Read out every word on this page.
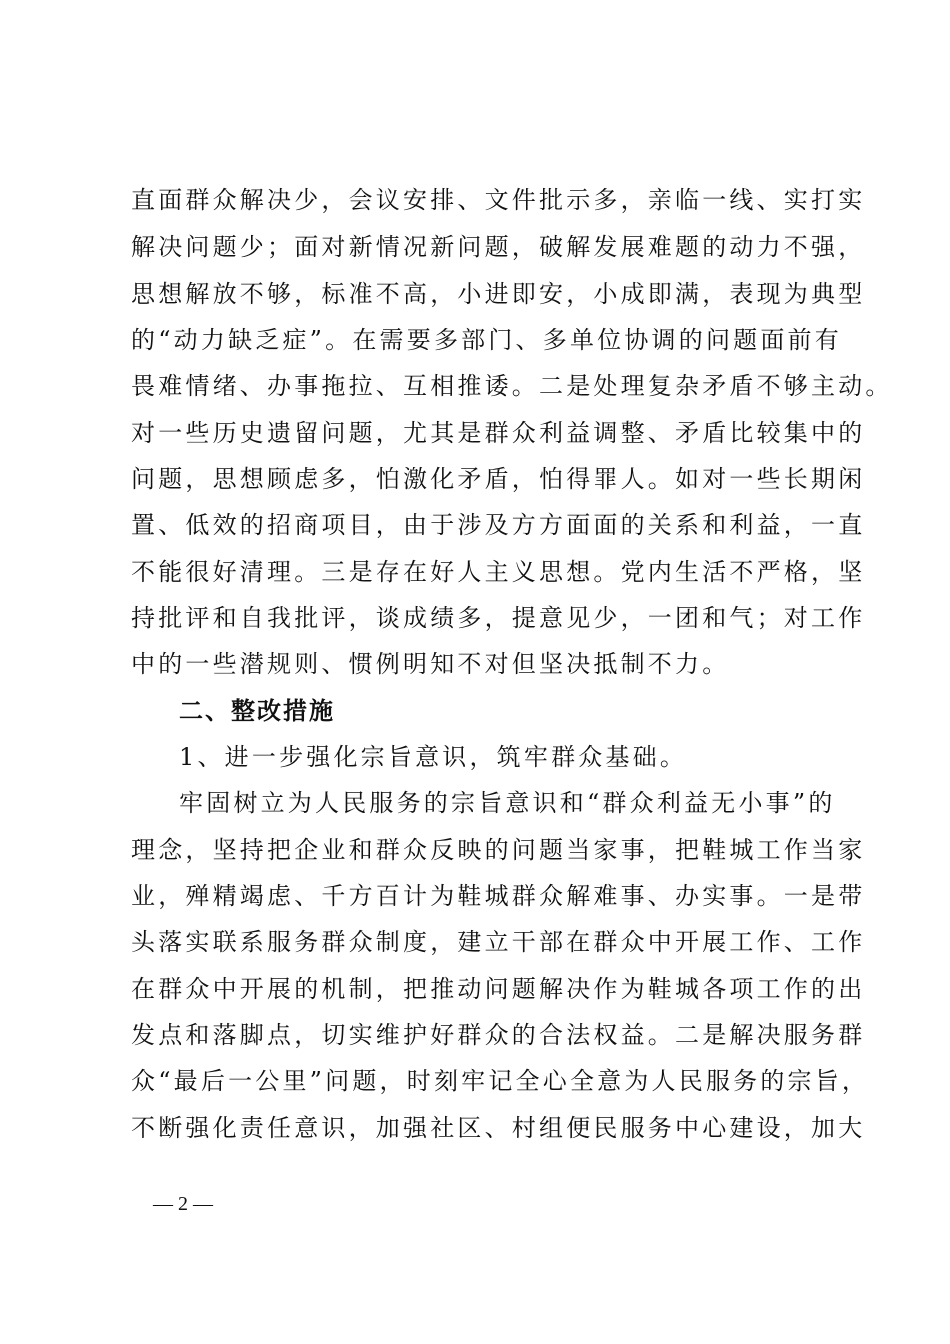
直面群众解决少，会议安排、文件批示多，亲临一线、实打实
解决问题少；面对新情况新问题，破解发展难题的动力不强，
思想解放不够，标准不高，小进即安，小成即满，表现为典型
的“动力缺乏症”。在需要多部门、多单位协调的问题面前有
畏难情绪、办事拖拉、互相推诿。二是处理复杂矛盾不够主动。
对一些历史遗留问题，尤其是群众利益调整、矛盾比较集中的
问题，思想顾虑多，怕激化矛盾，怕得罪人。如对一些长期闲
置、低效的招商项目，由于涉及方方面面的关系和利益，一直
不能很好清理。三是存在好人主义思想。党内生活不严格，坚
持批评和自我批评，谈成绩多，提意见少，一团和气；对工作
中的一些潜规则、惯例明知不对但坚决抵制不力。
二、整改措施
1、进一步强化宗旨意识，筑牢群众基础。
牢固树立为人民服务的宗旨意识和“群众利益无小事”的
理念，坚持把企业和群众反映的问题当家事，把鞋城工作当家
业，殚精竭虑、千方百计为鞋城群众解难事、办实事。一是带
头落实联系服务群众制度，建立干部在群众中开展工作、工作
在群众中开展的机制，把推动问题解决作为鞋城各项工作的出
发点和落脚点，切实维护好群众的合法权益。二是解决服务群
众“最后一公里”问题，时刻牢记全心全意为人民服务的宗旨，
不断强化责任意识，加强社区、村组便民服务中心建设，加大
— 2 —
